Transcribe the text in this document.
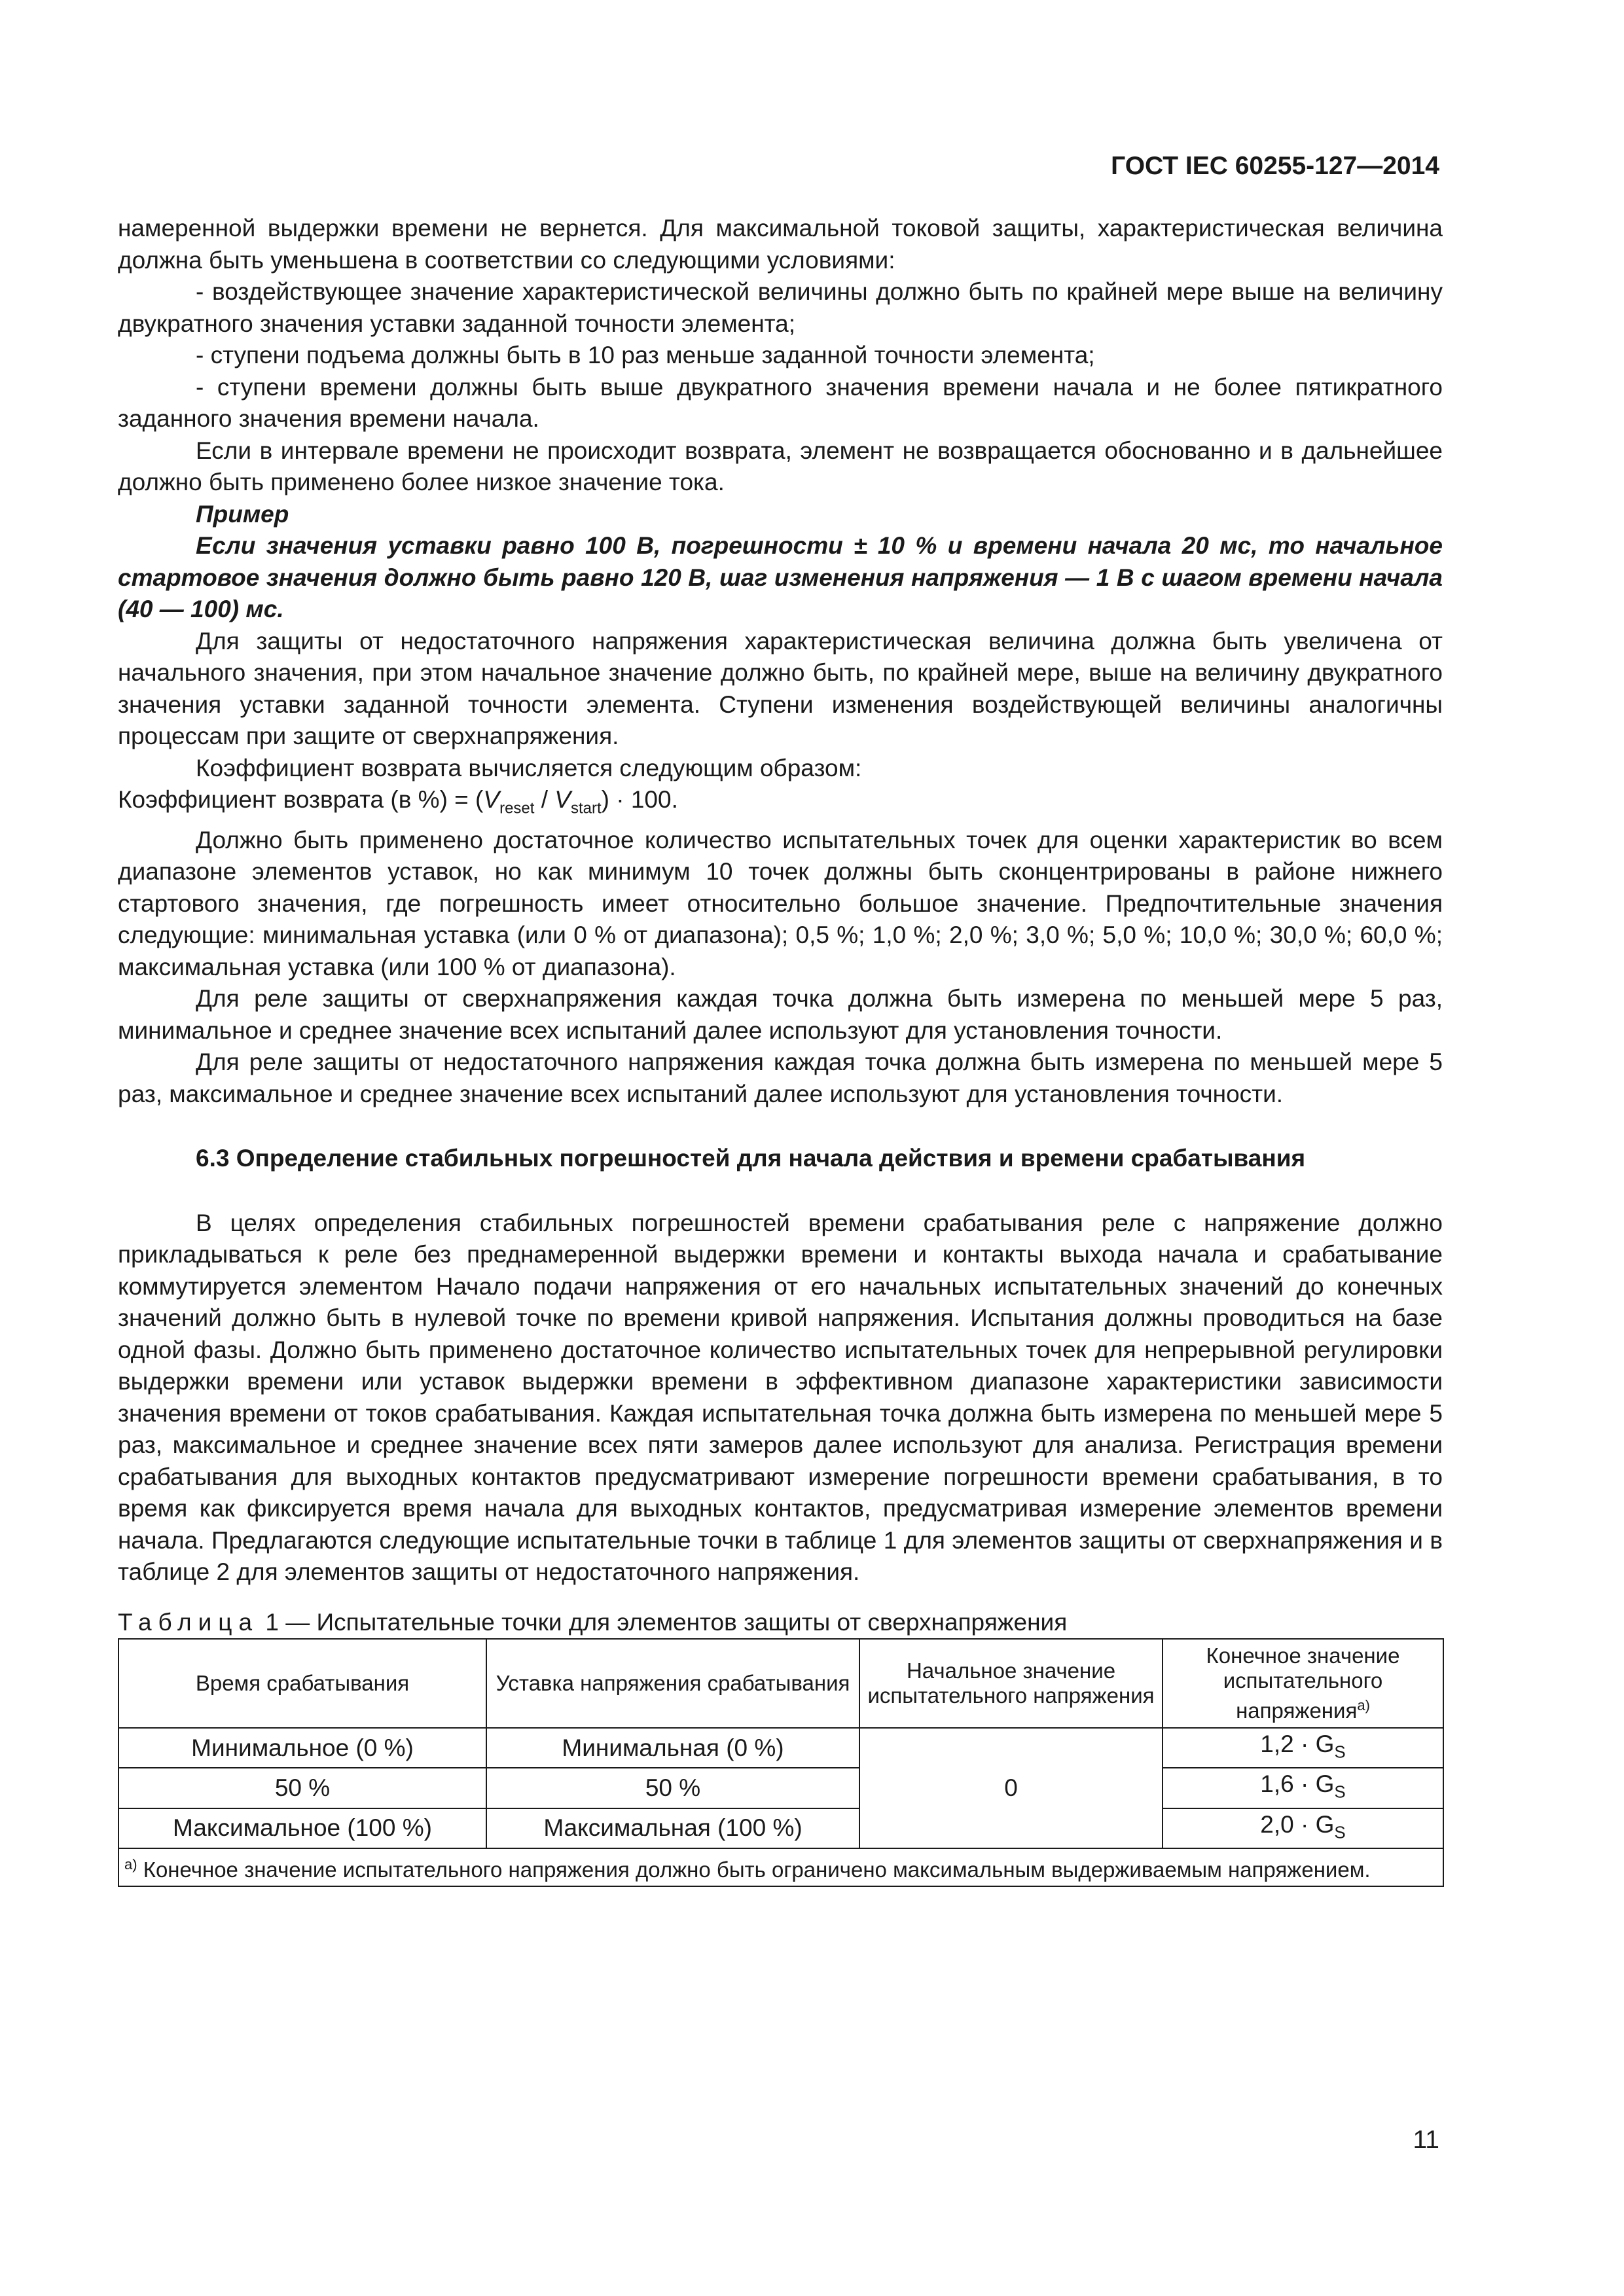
ГОСТ IEC 60255-127—2014

намеренной выдержки времени не вернется. Для максимальной токовой защиты, характеристическая величина должна быть уменьшена в соответствии со следующими условиями:

- воздействующее значение характеристической величины должно быть по крайней мере выше на величину двукратного значения уставки заданной точности элемента;

- ступени подъема должны быть в 10 раз меньше заданной точности элемента;

- ступени времени должны быть выше двукратного значения времени начала и не более пятикратного заданного значения времени начала.

Если в интервале времени не происходит возврата, элемент не возвращается обоснованно и в дальнейшее должно быть применено более низкое значение тока.

Пример

Если значения уставки равно 100 В, погрешности ± 10 % и времени начала 20 мс, то начальное стартовое значения должно быть равно 120 В, шаг изменения напряжения — 1 В с шагом времени начала (40 — 100) мс.

Для защиты от недостаточного напряжения характеристическая величина должна быть увеличена от начального значения, при этом начальное значение должно быть, по крайней мере, выше на величину двукратного значения уставки заданной точности элемента. Ступени изменения воздействующей величины аналогичны процессам при защите от сверхнапряжения.

Коэффициент возврата вычисляется следующим образом:

Коэффициент возврата (в %) = $(V_{reset} / V_{start}) \cdot 100$.

Должно быть применено достаточное количество испытательных точек для оценки характеристик во всем диапазоне элементов уставок, но как минимум 10 точек должны быть сконцентрированы в районе нижнего стартового значения, где погрешность имеет относительно большое значение. Предпочтительные значения следующие: минимальная уставка (или 0 % от диапазона); 0,5 %; 1,0 %; 2,0 %; 3,0 %; 5,0 %; 10,0 %; 30,0 %; 60,0 %; максимальная уставка (или 100 % от диапазона).

Для реле защиты от сверхнапряжения каждая точка должна быть измерена по меньшей мере 5 раз, минимальное и среднее значение всех испытаний далее используют для установления точности.

Для реле защиты от недостаточного напряжения каждая точка должна быть измерена по меньшей мере 5 раз, максимальное и среднее значение всех испытаний далее используют для установления точности.

6.3 Определение стабильных погрешностей для начала действия и времени срабатывания

В целях определения стабильных погрешностей времени срабатывания реле с напряжение должно прикладываться к реле без преднамеренной выдержки времени и контакты выхода начала и срабатывание коммутируется элементом Начало подачи напряжения от его начальных испытательных значений до конечных значений должно быть в нулевой точке по времени кривой напряжения. Испытания должны проводиться на базе одной фазы. Должно быть применено достаточное количество испытательных точек для непрерывной регулировки выдержки времени или уставок выдержки времени в эффективном диапазоне характеристики зависимости значения времени от токов срабатывания. Каждая испытательная точка должна быть измерена по меньшей мере 5 раз, максимальное и среднее значение всех пяти замеров далее используют для анализа. Регистрация времени срабатывания для выходных контактов предусматривают измерение погрешности времени срабатывания, в то время как фиксируется время начала для выходных контактов, предусматривая измерение элементов времени начала. Предлагаются следующие испытательные точки в таблице 1 для элементов защиты от сверхнапряжения и в таблице 2 для элементов защиты от недостаточного напряжения.

Таблица 1 — Испытательные точки для элементов защиты от сверхнапряжения
Время срабатывания	Уставка напряжения срабатывания	Начальное значение испытательного напряжения	Конечное значение испытательного напряжения$^{a)}$
Минимальное (0 %)	Минимальная (0 %)	0	$1,2 \cdot G_S$
50 %	50 %		$1,6 \cdot G_S$
Максимальное (100 %)	Максимальная (100 %)		$2,0 \cdot G_S$
$^{a)}$ Конечное значение испытательного напряжения должно быть ограничено максимальным выдерживаемым напряжением.			
11
